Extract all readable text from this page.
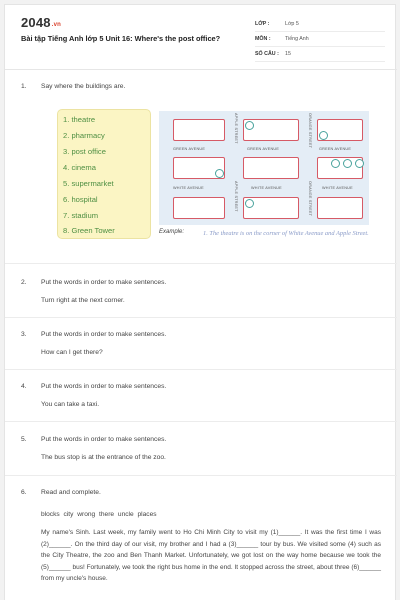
2048.vn
Bài tập Tiếng Anh lớp 5 Unit 16: Where's the post office?
LỚP :	Lớp 5
MÔN :	Tiếng Anh
SỐ CÂU : 15
1. Say where the buildings are.
1. theatre
2. pharmacy
3. post office
4. cinema
5. supermarket
6. hospital
7. stadium
8. Green Tower
GREEN AVENUE	GREEN AVENUE	GREEN AVENUE
WHITE AVENUE	WHITE AVENUE	WHITE AVENUE
APPLE STREET
APPLE STREET
ORANGE STREET
ORANGE STREET
Example:	1. The theatre is on the corner of White Avenue and Apple Street.
2. Put the words in order to make sentences.
Turn right at the next corner.
3. Put the words in order to make sentences.
How can I get there?
4. Put the words in order to make sentences.
You can take a taxi.
5. Put the words in order to make sentences.
The bus stop is at the entrance of the zoo.
6. Read and complete.
blocks city wrong there uncle places
My name's Sinh. Last week, my family went to Ho Chi Minh City to visit my (1)______. It was the first time I was (2)______. On the third day of our visit, my brother and I had a (3)______ tour by bus. We visited some (4) such as the City Theatre, the zoo and Ben Thanh Market. Unfortunately, we got lost on the way home because we took the (5)______ bus! Fortunately, we took the right bus home in the end. It stopped across the street, about three (6)______ from my uncle's house.
